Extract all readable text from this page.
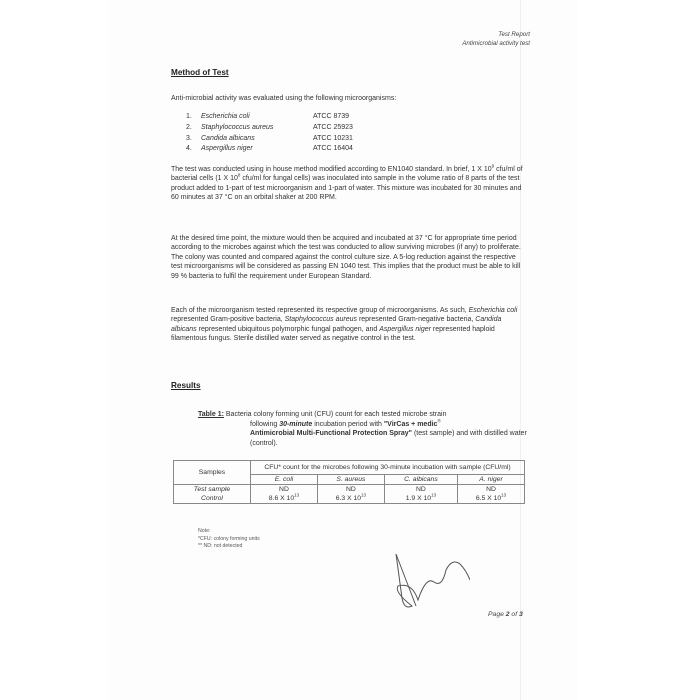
Test Report
Antimicrobial activity test
Method of Test
Anti-microbial activity was evaluated using the following microorganisms:
1.	Escherichia coli	ATCC 8739
2.	Staphylococcus aureus	ATCC 25923
3.	Candida albicans	ATCC 10231
4.	Aspergillus niger	ATCC 16404
The test was conducted using in house method modified according to EN1040 standard. In brief, 1 X $10^9$ cfu/ml of bacterial cells (1 X $10^8$ cfu/ml for fungal cells) was inoculated into sample in the volume ratio of 8 parts of the test product added to 1-part of test microorganism and 1-part of water. This mixture was incubated for 30 minutes and 60 minutes at 37 °C on an orbital shaker at 200 RPM.
At the desired time point, the mixture would then be acquired and incubated at 37 °C for appropriate time period according to the microbes against which the test was conducted to allow surviving microbes (if any) to proliferate. The colony was counted and compared against the control culture size. A 5-log reduction against the respective test microorganisms will be considered as passing EN 1040 test. This implies that the product must be able to kill 99 % bacteria to fulfil the requirement under European Standard.
Each of the microorganism tested represented its respective group of microorganisms. As such, Escherichia coli represented Gram-positive bacteria, Staphylococcus aureus represented Gram-negative bacteria, Candida albicans represented ubiquitous polymorphic fungal pathogen, and Aspergillus niger represented haploid filamentous fungus. Sterile distilled water served as negative control in the test.
Results
Table 1: Bacteria colony forming unit (CFU) count for each tested microbe strain
following 30-minute incubation period with "VirCas + medic®
Antimicrobial Multi-Functional Protection Spray" (test sample) and with distilled water (control).
Samples	CFU* count for the microbes following 30-minute incubation with sample (CFU/ml)			
	E. coli	S. aureus	C. albicans	A. niger
Test sample	ND	ND	ND	ND
Control	8.6 X $10^{13}$	6.3 X $10^{13}$	1.9 X $10^{13}$	6.5 X $10^{13}$
Note:
*CFU: colony forming units
** ND: not detected
Page 2 of 3
